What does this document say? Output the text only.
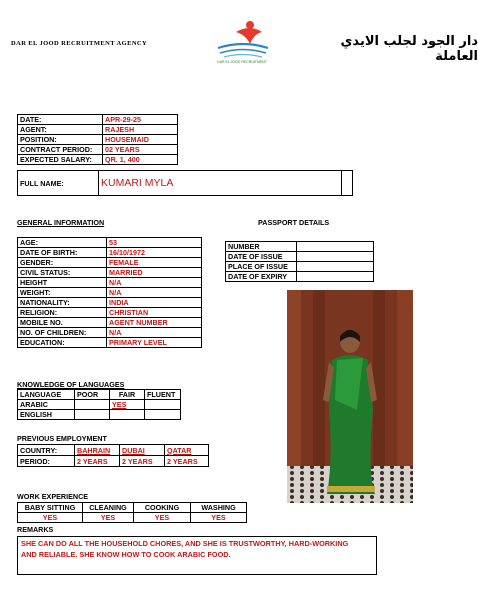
DAR EL JOOD RECRUITMENT AGENCY
DAR EL JOOD RECRUITMENT
دار الجود لجلب الايدي العاملة
DATE:	APR-29-25
AGENT:	RAJESH
POSITION:	HOUSEMAID
CONTRACT PERIOD:	02 YEARS
EXPECTED SALARY:	QR. 1, 400
FULL NAME:	KUMARI MYLA	
GENERAL INFORMATION
AGE:	53
DATE OF BIRTH:	16/10/1972
GENDER:	FEMALE
CIVIL STATUS:	MARRIED
HEIGHT	N/A
WEIGHT:	N/A
NATIONALITY:	INDIA
RELIGION:	CHRISTIAN
MOBILE NO.	AGENT NUMBER
NO. OF CHILDREN:	N/A
EDUCATION:	PRIMARY LEVEL
PASSPORT DETAILS
NUMBER	
DATE OF ISSUE	
PLACE OF ISSUE	
DATE OF EXPIRY	
KNOWLEDGE OF LANGUAGES
LANGUAGE	POOR	FAIR	FLUENT
ARABIC		YES	
ENGLISH			
PREVIOUS EMPLOYMENT
COUNTRY:	BAHRAIN	DUBAI	QATAR
PERIOD:	2 YEARS	2 YEARS	2 YEARS
WORK EXPERIENCE
BABY SITTING	CLEANING	COOKING	WASHING
YES	YES	YES	YES
REMARKS
SHE CAN DO ALL THE HOUSEHOLD CHORES, AND SHE IS TRUSTWORTHY, HARD-WORKING AND RELIABLE. SHE KNOW HOW TO COOK ARABIC FOOD.
